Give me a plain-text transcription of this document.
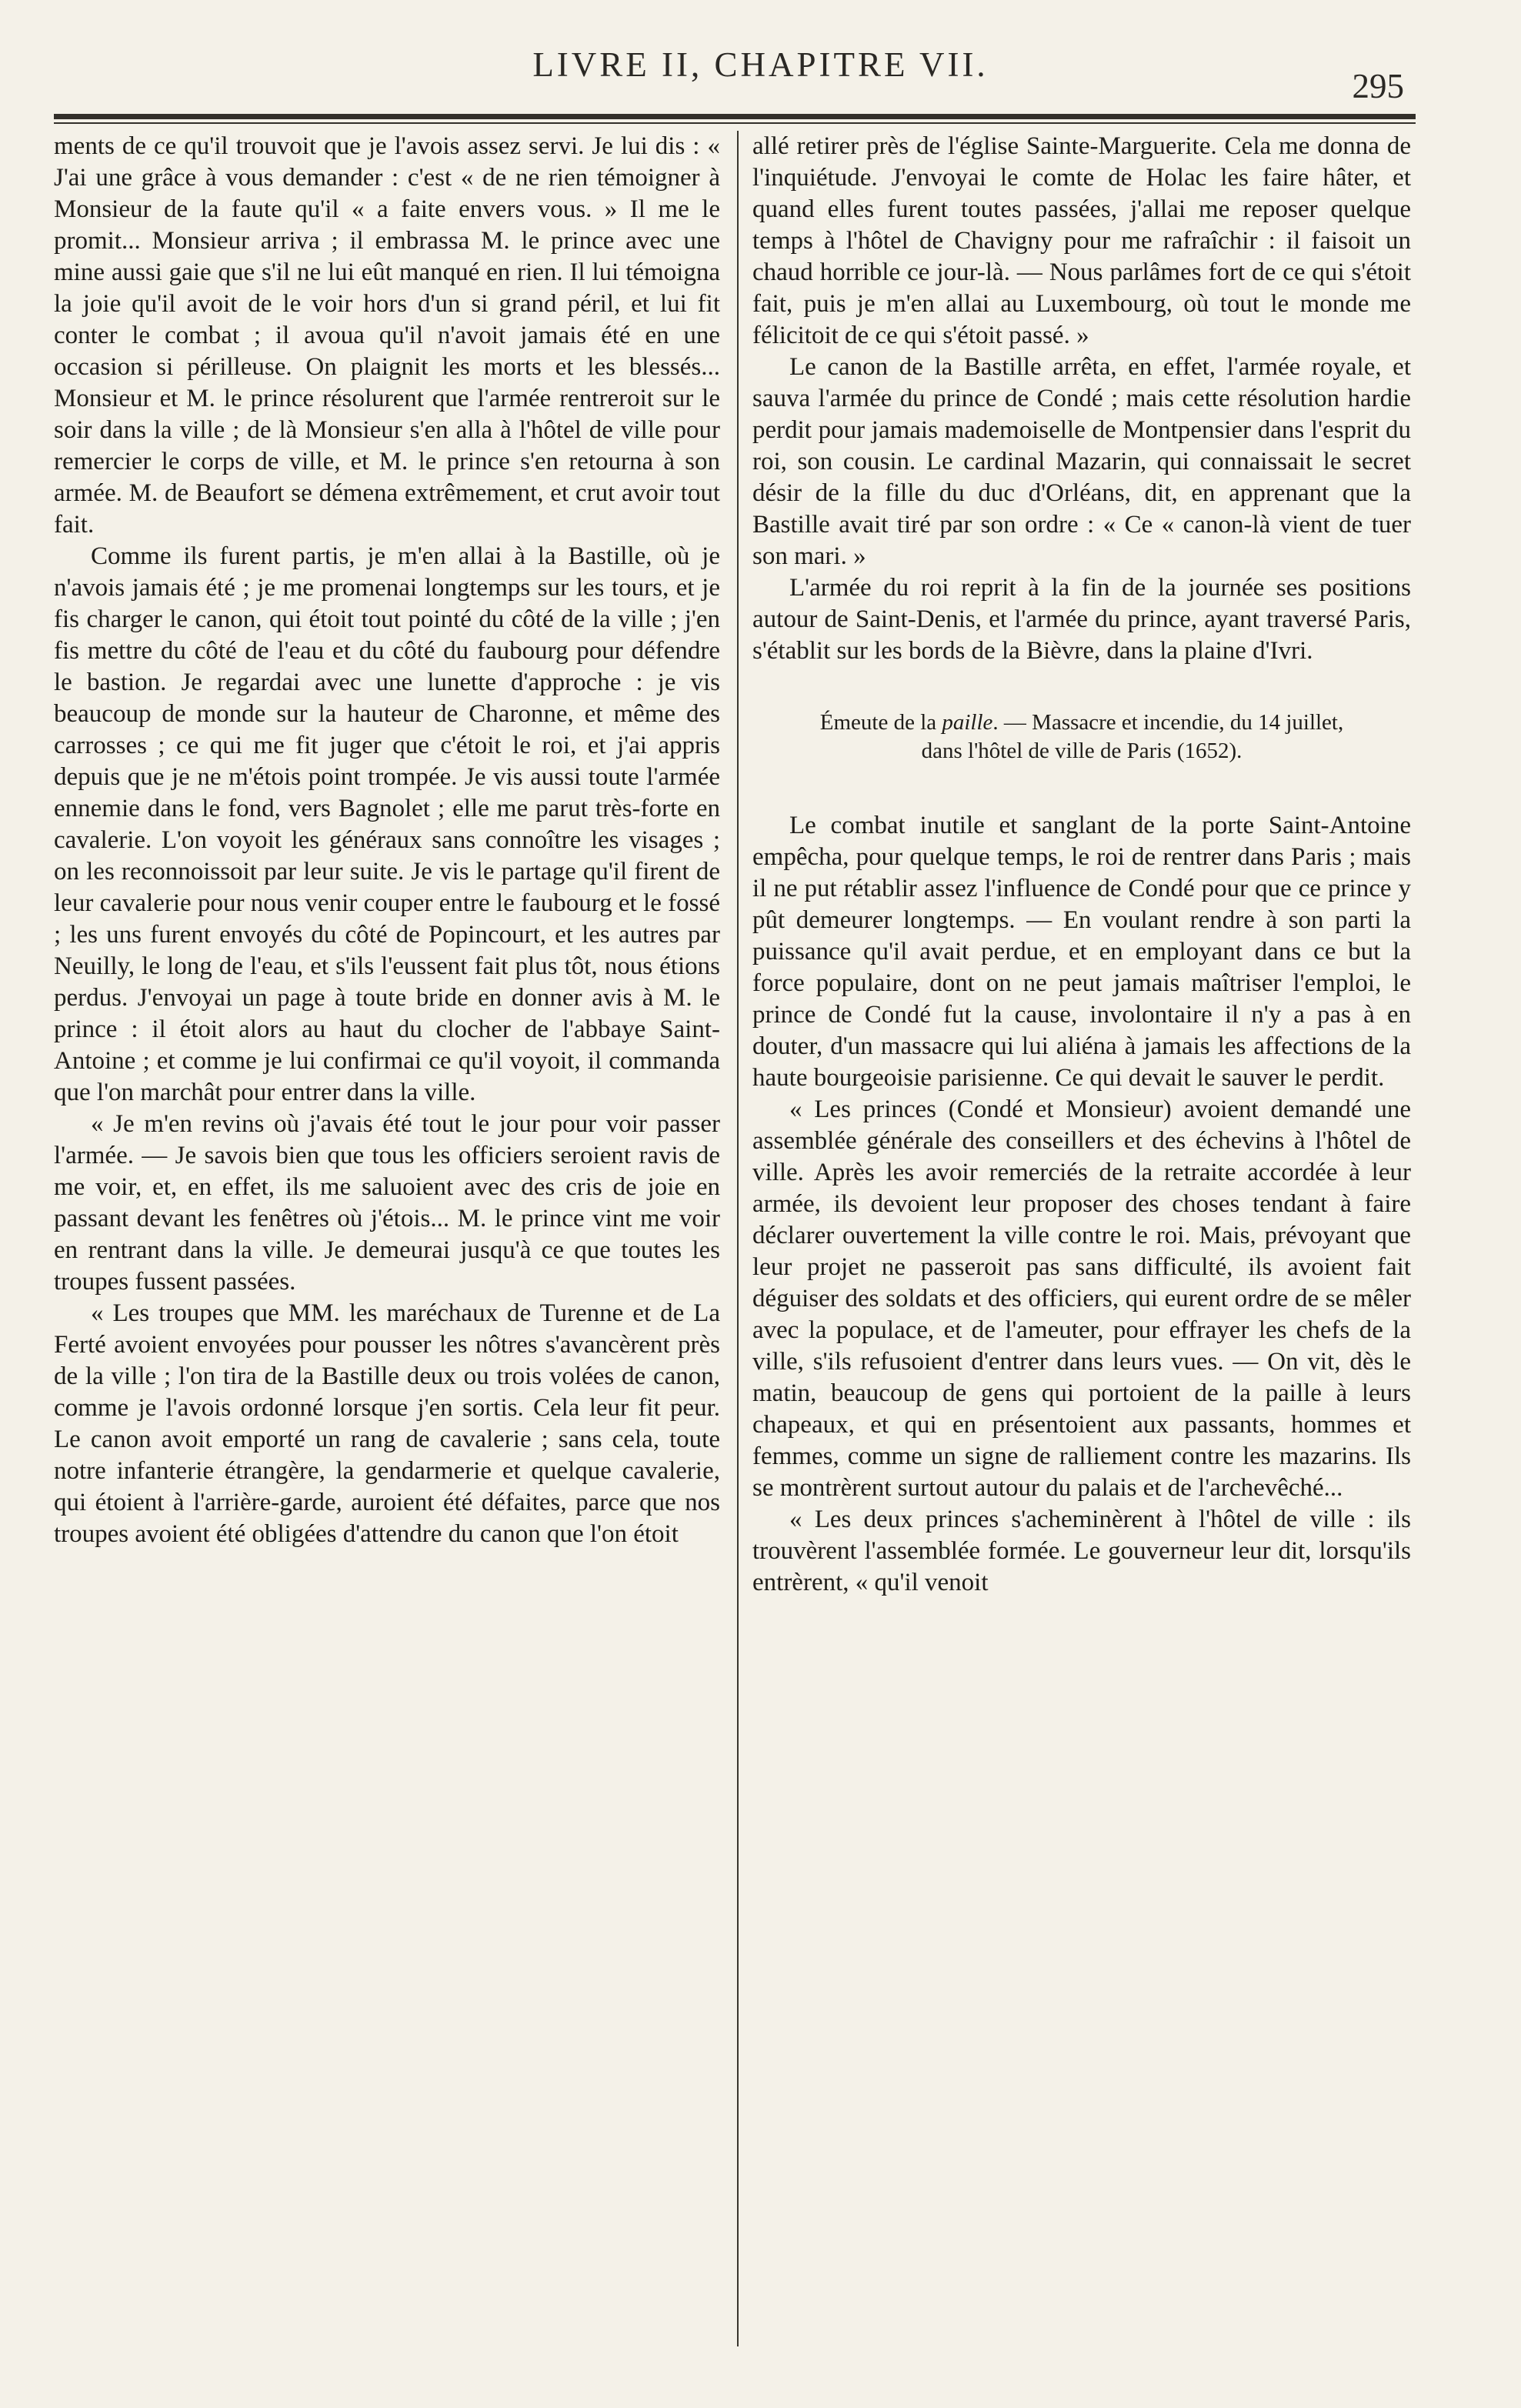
LIVRE II, CHAPITRE VII.
295

ments de ce qu'il trouvoit que je l'avois assez servi. Je lui dis : « J'ai une grâce à vous demander : c'est « de ne rien témoigner à Monsieur de la faute qu'il « a faite envers vous. » Il me le promit... Monsieur arriva ; il embrassa M. le prince avec une mine aussi gaie que s'il ne lui eût manqué en rien. Il lui témoigna la joie qu'il avoit de le voir hors d'un si grand péril, et lui fit conter le combat ; il avoua qu'il n'avoit jamais été en une occasion si périlleuse. On plaignit les morts et les blessés... Monsieur et M. le prince résolurent que l'armée rentreroit sur le soir dans la ville ; de là Monsieur s'en alla à l'hôtel de ville pour remercier le corps de ville, et M. le prince s'en retourna à son armée. M. de Beaufort se démena extrêmement, et crut avoir tout fait.

Comme ils furent partis, je m'en allai à la Bastille, où je n'avois jamais été ; je me promenai longtemps sur les tours, et je fis charger le canon, qui étoit tout pointé du côté de la ville ; j'en fis mettre du côté de l'eau et du côté du faubourg pour défendre le bastion. Je regardai avec une lunette d'approche : je vis beaucoup de monde sur la hauteur de Charonne, et même des carrosses ; ce qui me fit juger que c'étoit le roi, et j'ai appris depuis que je ne m'étois point trompée. Je vis aussi toute l'armée ennemie dans le fond, vers Bagnolet ; elle me parut très-forte en cavalerie. L'on voyoit les généraux sans connoître les visages ; on les reconnoissoit par leur suite. Je vis le partage qu'il firent de leur cavalerie pour nous venir couper entre le faubourg et le fossé ; les uns furent envoyés du côté de Popincourt, et les autres par Neuilly, le long de l'eau, et s'ils l'eussent fait plus tôt, nous étions perdus. J'envoyai un page à toute bride en donner avis à M. le prince : il étoit alors au haut du clocher de l'abbaye Saint-Antoine ; et comme je lui confirmai ce qu'il voyoit, il commanda que l'on marchât pour entrer dans la ville.

« Je m'en revins où j'avais été tout le jour pour voir passer l'armée. — Je savois bien que tous les officiers seroient ravis de me voir, et, en effet, ils me saluoient avec des cris de joie en passant devant les fenêtres où j'étois... M. le prince vint me voir en rentrant dans la ville. Je demeurai jusqu'à ce que toutes les troupes fussent passées.

« Les troupes que MM. les maréchaux de Turenne et de La Ferté avoient envoyées pour pousser les nôtres s'avancèrent près de la ville ; l'on tira de la Bastille deux ou trois volées de canon, comme je l'avois ordonné lorsque j'en sortis. Cela leur fit peur. Le canon avoit emporté un rang de cavalerie ; sans cela, toute notre infanterie étrangère, la gendarmerie et quelque cavalerie, qui étoient à l'arrière-garde, auroient été défaites, parce que nos troupes avoient été obligées d'attendre du canon que l'on étoit

allé retirer près de l'église Sainte-Marguerite. Cela me donna de l'inquiétude. J'envoyai le comte de Holac les faire hâter, et quand elles furent toutes passées, j'allai me reposer quelque temps à l'hôtel de Chavigny pour me rafraîchir : il faisoit un chaud horrible ce jour-là. — Nous parlâmes fort de ce qui s'étoit fait, puis je m'en allai au Luxembourg, où tout le monde me félicitoit de ce qui s'étoit passé. »

Le canon de la Bastille arrêta, en effet, l'armée royale, et sauva l'armée du prince de Condé ; mais cette résolution hardie perdit pour jamais mademoiselle de Montpensier dans l'esprit du roi, son cousin. Le cardinal Mazarin, qui connaissait le secret désir de la fille du duc d'Orléans, dit, en apprenant que la Bastille avait tiré par son ordre : « Ce « canon-là vient de tuer son mari. »

L'armée du roi reprit à la fin de la journée ses positions autour de Saint-Denis, et l'armée du prince, ayant traversé Paris, s'établit sur les bords de la Bièvre, dans la plaine d'Ivri.

Émeute de la paille. — Massacre et incendie, du 14 juillet,
dans l'hôtel de ville de Paris (1652).

Le combat inutile et sanglant de la porte Saint-Antoine empêcha, pour quelque temps, le roi de rentrer dans Paris ; mais il ne put rétablir assez l'influence de Condé pour que ce prince y pût demeurer longtemps. — En voulant rendre à son parti la puissance qu'il avait perdue, et en employant dans ce but la force populaire, dont on ne peut jamais maîtriser l'emploi, le prince de Condé fut la cause, involontaire il n'y a pas à en douter, d'un massacre qui lui aliéna à jamais les affections de la haute bourgeoisie parisienne. Ce qui devait le sauver le perdit.

« Les princes (Condé et Monsieur) avoient demandé une assemblée générale des conseillers et des échevins à l'hôtel de ville. Après les avoir remerciés de la retraite accordée à leur armée, ils devoient leur proposer des choses tendant à faire déclarer ouvertement la ville contre le roi. Mais, prévoyant que leur projet ne passeroit pas sans difficulté, ils avoient fait déguiser des soldats et des officiers, qui eurent ordre de se mêler avec la populace, et de l'ameuter, pour effrayer les chefs de la ville, s'ils refusoient d'entrer dans leurs vues. — On vit, dès le matin, beaucoup de gens qui portoient de la paille à leurs chapeaux, et qui en présentoient aux passants, hommes et femmes, comme un signe de ralliement contre les mazarins. Ils se montrèrent surtout autour du palais et de l'archevêché...

« Les deux princes s'acheminèrent à l'hôtel de ville : ils trouvèrent l'assemblée formée. Le gouverneur leur dit, lorsqu'ils entrèrent, « qu'il venoit
